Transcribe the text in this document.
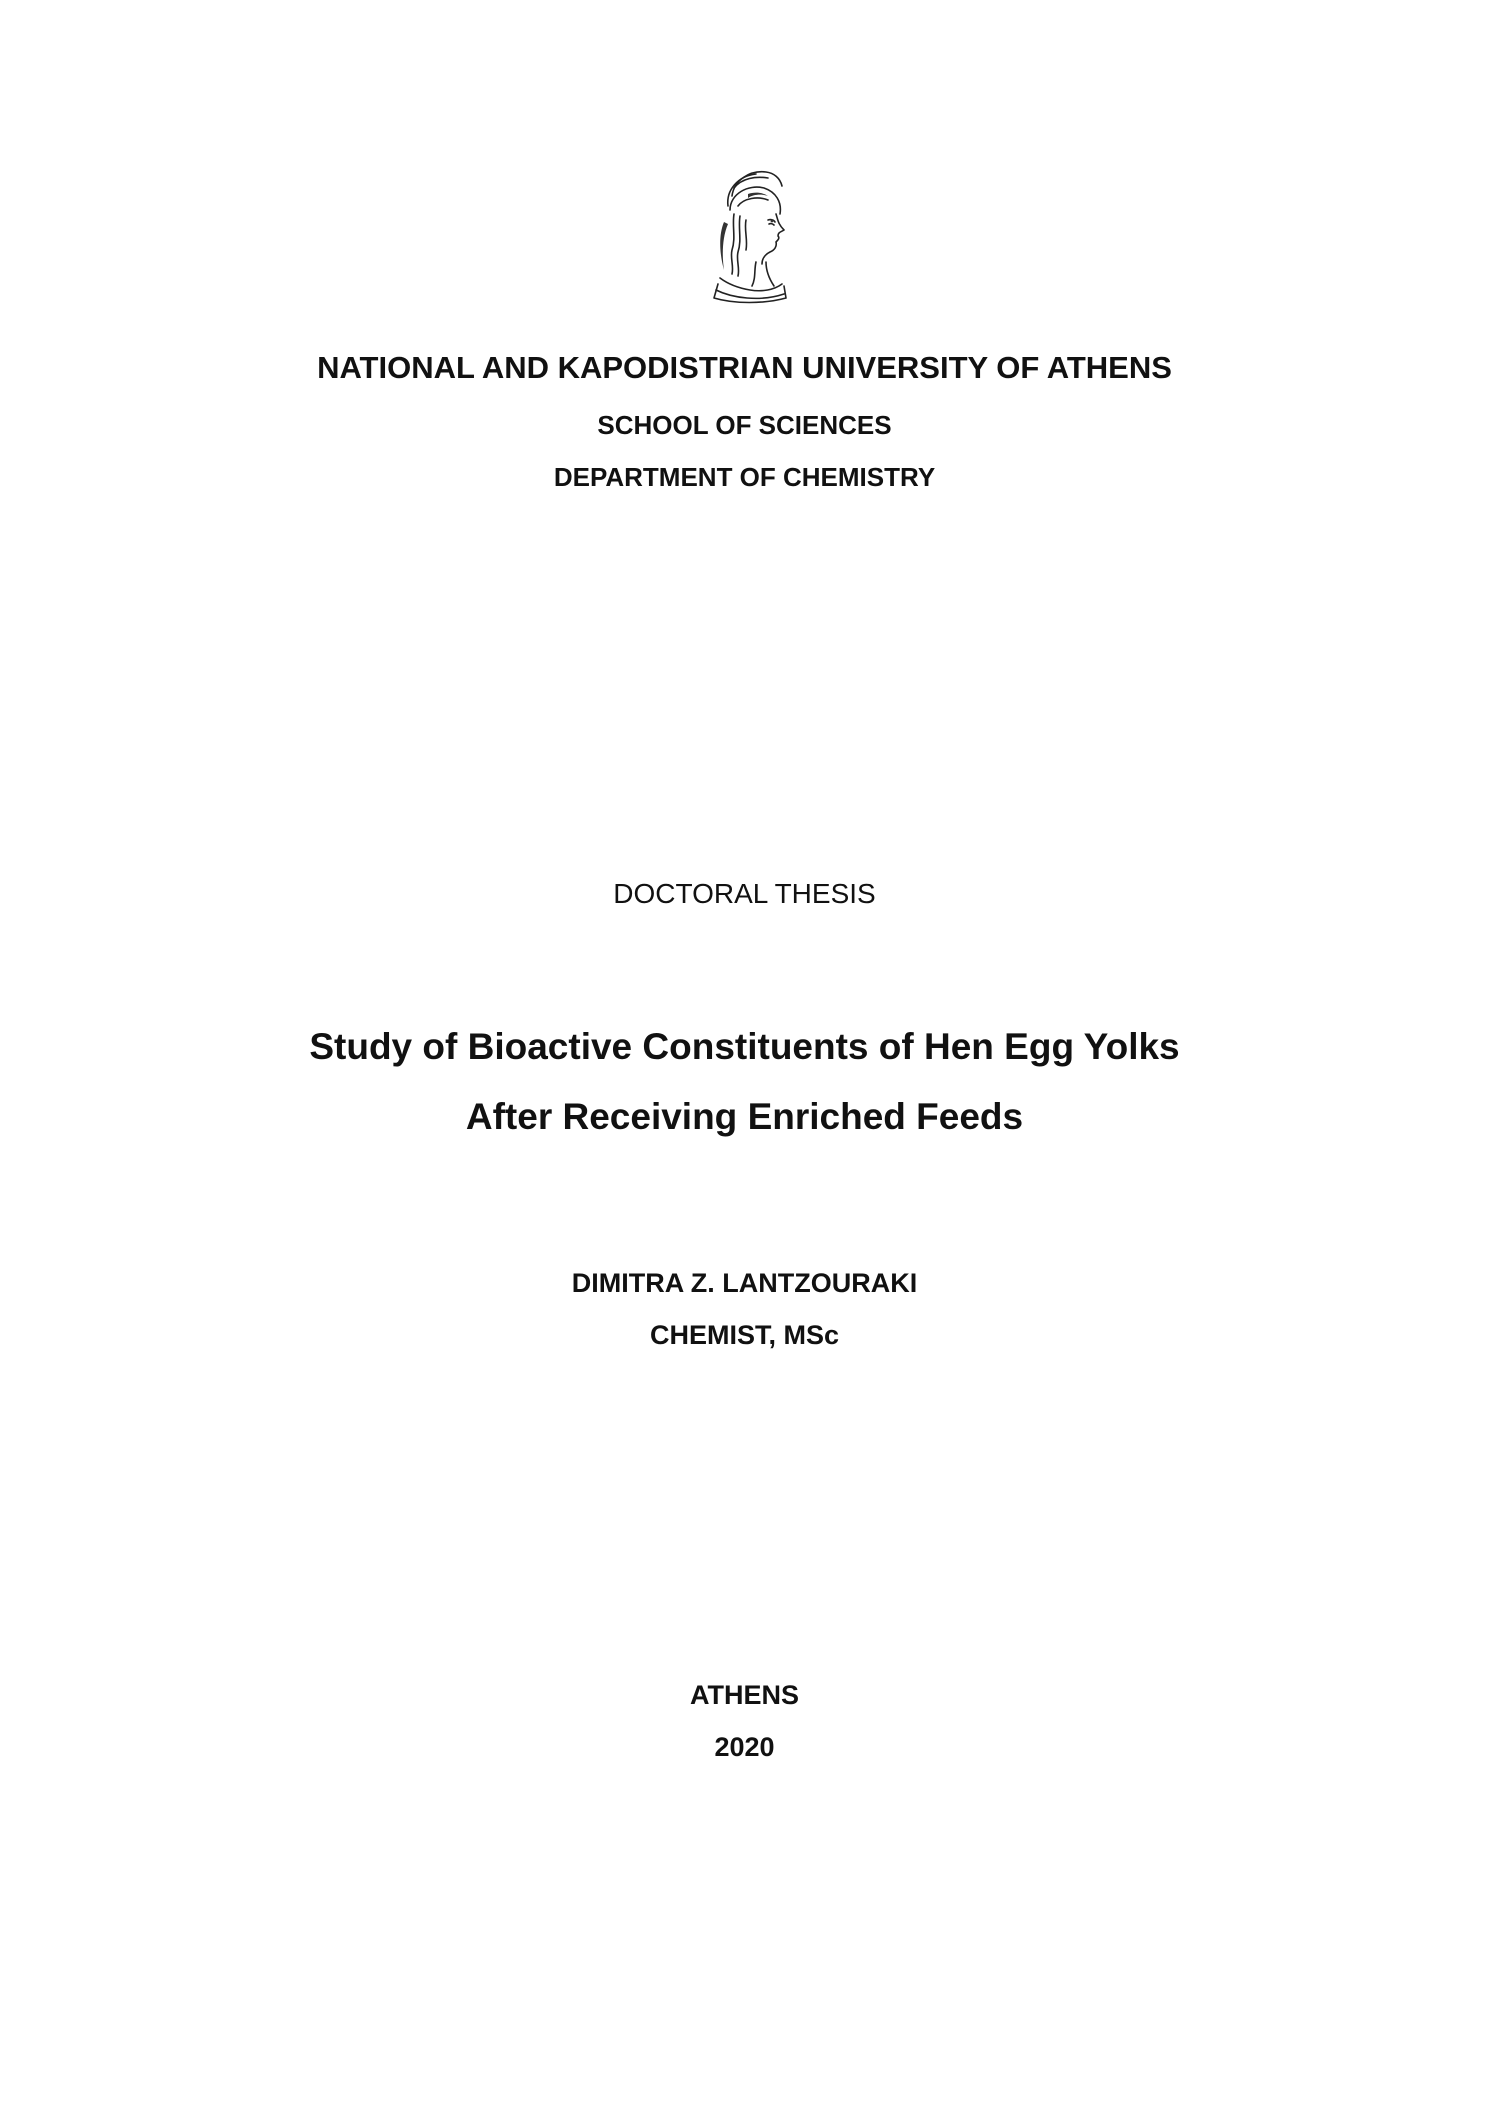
NATIONAL AND KAPODISTRIAN UNIVERSITY OF ATHENS
SCHOOL OF SCIENCES
DEPARTMENT OF CHEMISTRY
DOCTORAL THESIS
Study of Bioactive Constituents of Hen Egg Yolks
After Receiving Enriched Feeds
DIMITRA Z. LANTZOURAKI
CHEMIST, MSc
ATHENS
2020
